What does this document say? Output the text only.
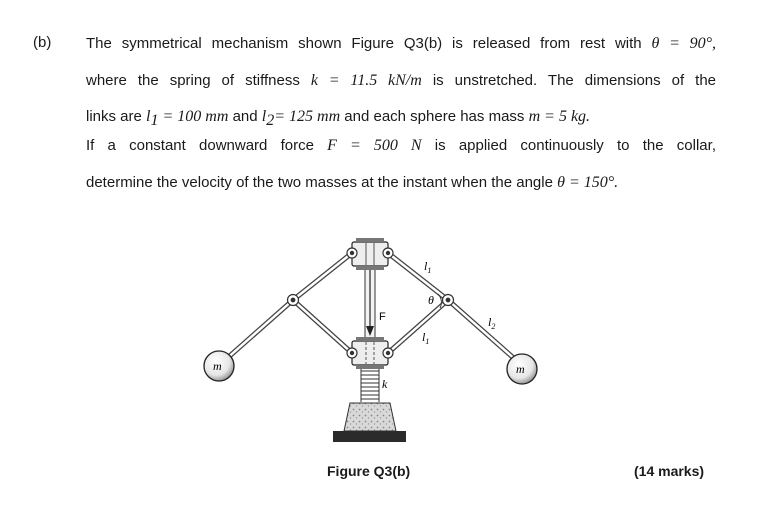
(b) The symmetrical mechanism shown Figure Q3(b) is released from rest with θ = 90°,
where the spring of stiffness k = 11.5 kN/m is unstretched. The dimensions of the
links are $l_1 = 100$ mm and $l_2= 125$ mm and each sphere has mass m = 5 kg.
If a constant downward force F = 500 N is applied continuously to the collar,
determine the velocity of the two masses at the instant when the angle θ = 150°.
$l_1$
θ
$l_2$
$l_1$
F
k
m	m
Figure Q3(b)	(14 marks)
